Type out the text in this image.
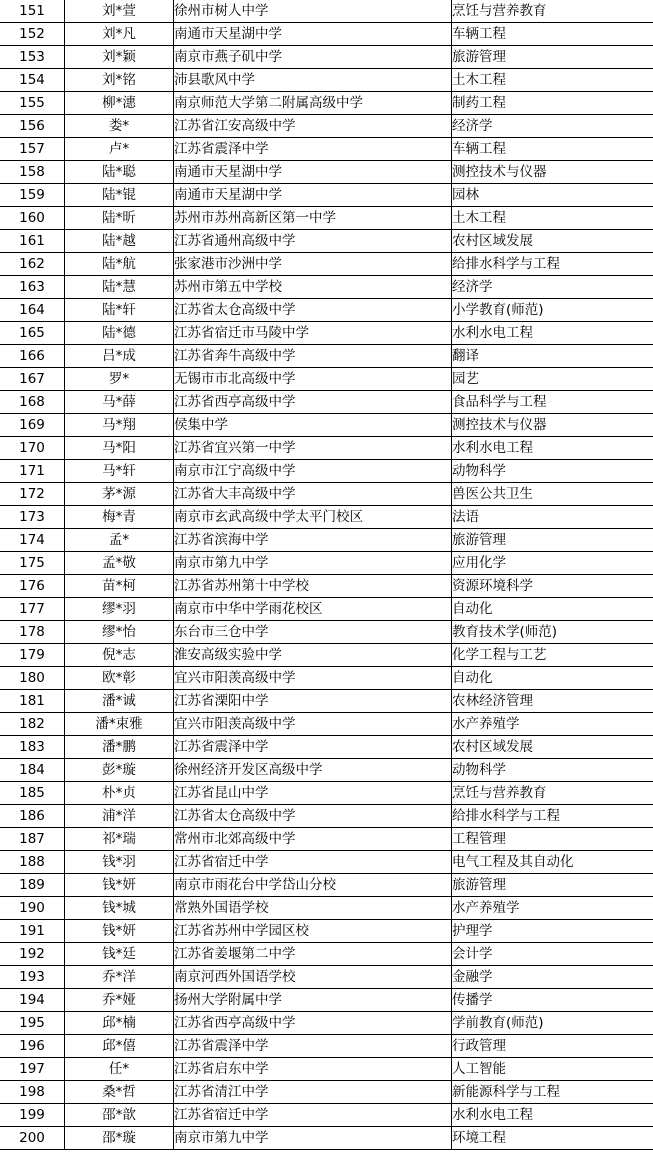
151	刘*萱	徐州市树人中学	烹饪与营养教育
152	刘*凡	南通市天星湖中学	车辆工程
153	刘*颖	南京市燕子矶中学	旅游管理
154	刘*铭	沛县歌风中学	土木工程
155	柳*潓	南京师范大学第二附属高级中学	制药工程
156	娄*	江苏省江安高级中学	经济学
157	卢*	江苏省震泽中学	车辆工程
158	陆*聪	南通市天星湖中学	测控技术与仪器
159	陆*锟	南通市天星湖中学	园林
160	陆*昕	苏州市苏州高新区第一中学	土木工程
161	陆*越	江苏省通州高级中学	农村区域发展
162	陆*航	张家港市沙洲中学	给排水科学与工程
163	陆*慧	苏州市第五中学校	经济学
164	陆*轩	江苏省太仓高级中学	小学教育(师范)
165	陆*德	江苏省宿迁市马陵中学	水利水电工程
166	吕*成	江苏省奔牛高级中学	翻译
167	罗*	无锡市市北高级中学	园艺
168	马*薛	江苏省西亭高级中学	食品科学与工程
169	马*翔	侯集中学	测控技术与仪器
170	马*阳	江苏省宜兴第一中学	水利水电工程
171	马*轩	南京市江宁高级中学	动物科学
172	茅*源	江苏省大丰高级中学	兽医公共卫生
173	梅*青	南京市玄武高级中学太平门校区	法语
174	孟*	江苏省滨海中学	旅游管理
175	孟*敬	南京市第九中学	应用化学
176	苗*柯	江苏省苏州第十中学校	资源环境科学
177	缪*羽	南京市中华中学雨花校区	自动化
178	缪*怡	东台市三仓中学	教育技术学(师范)
179	倪*志	淮安高级实验中学	化学工程与工艺
180	欧*彰	宜兴市阳羡高级中学	自动化
181	潘*诚	江苏省溧阳中学	农林经济管理
182	潘*束雅	宜兴市阳羡高级中学	水产养殖学
183	潘*鹏	江苏省震泽中学	农村区域发展
184	彭*璇	徐州经济开发区高级中学	动物科学
185	朴*贞	江苏省昆山中学	烹饪与营养教育
186	浦*洋	江苏省太仓高级中学	给排水科学与工程
187	祁*瑞	常州市北郊高级中学	工程管理
188	钱*羽	江苏省宿迁中学	电气工程及其自动化
189	钱*妍	南京市雨花台中学岱山分校	旅游管理
190	钱*城	常熟外国语学校	水产养殖学
191	钱*妍	江苏省苏州中学园区校	护理学
192	钱*廷	江苏省姜堰第二中学	会计学
193	乔*洋	南京河西外国语学校	金融学
194	乔*娅	扬州大学附属中学	传播学
195	邱*楠	江苏省西亭高级中学	学前教育(师范)
196	邱*僖	江苏省震泽中学	行政管理
197	任*	江苏省启东中学	人工智能
198	桑*哲	江苏省清江中学	新能源科学与工程
199	邵*歆	江苏省宿迁中学	水利水电工程
200	邵*璇	南京市第九中学	环境工程
